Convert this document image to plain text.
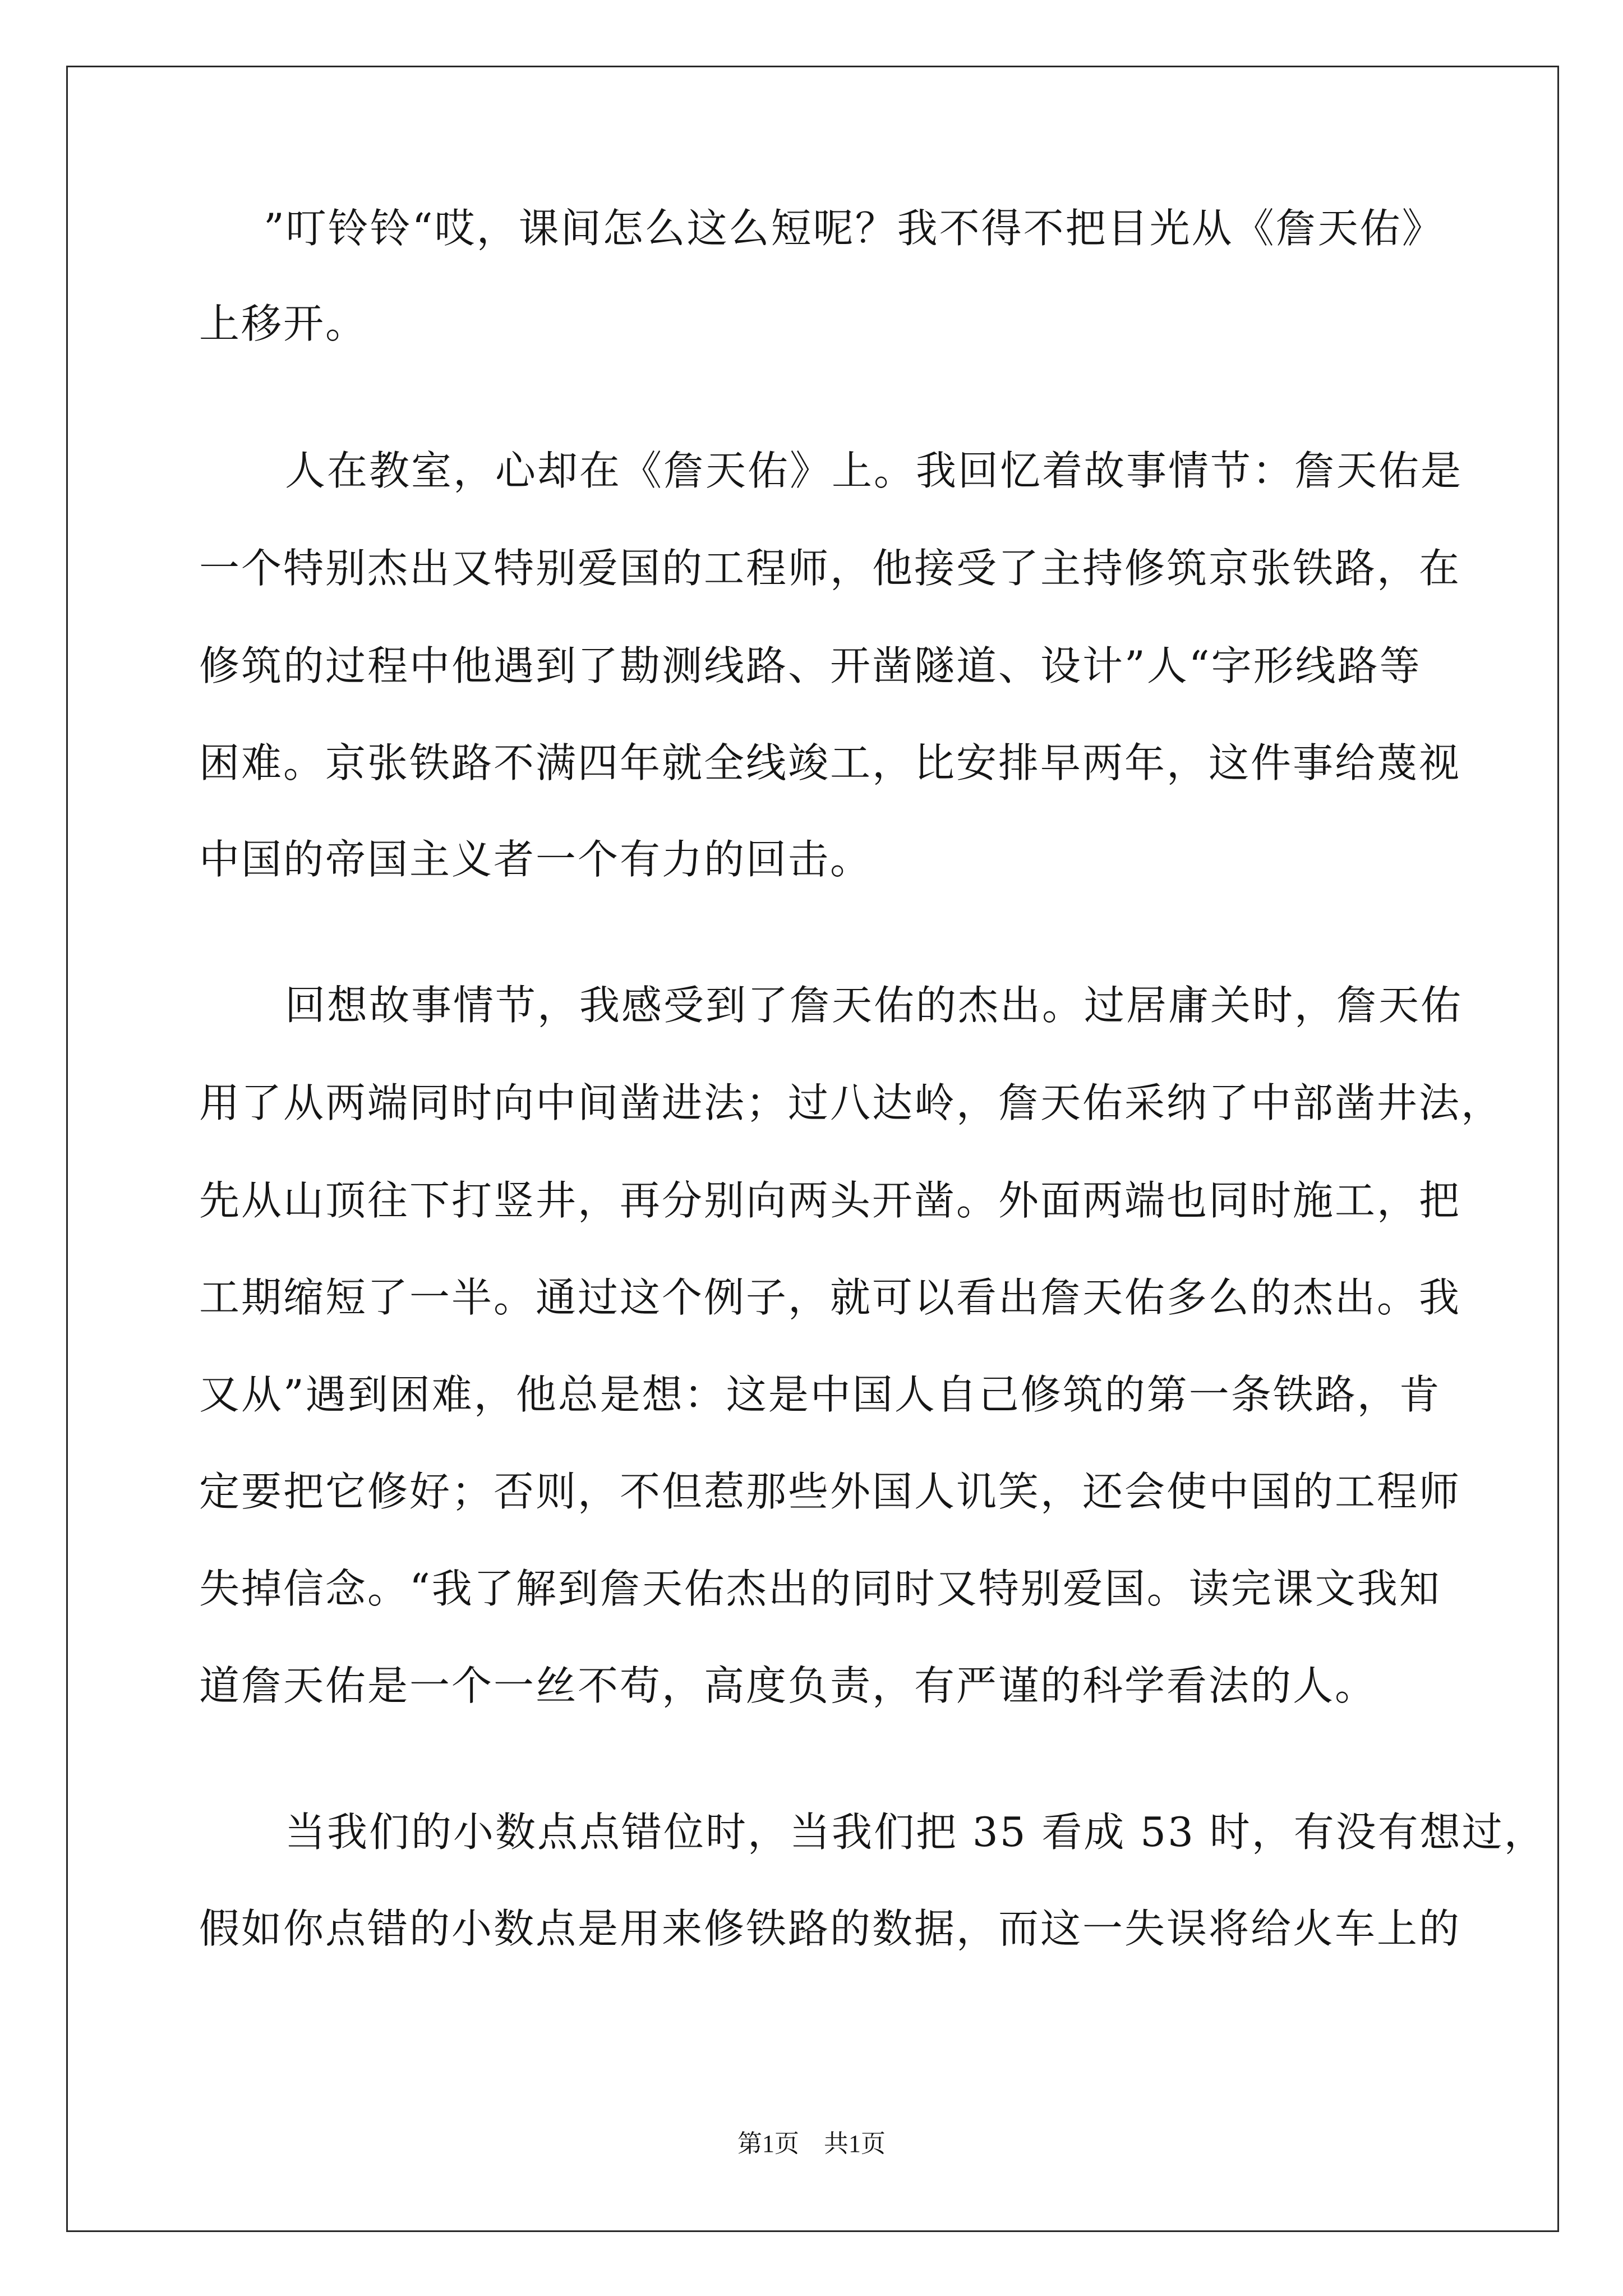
”叮铃铃“哎，课间怎么这么短呢？我不得不把目光从《詹天佑》
上移开。
人在教室，心却在《詹天佑》上。我回忆着故事情节：詹天佑是
一个特别杰出又特别爱国的工程师，他接受了主持修筑京张铁路，在
修筑的过程中他遇到了勘测线路、开凿隧道、设计”人“字形线路等
困难。京张铁路不满四年就全线竣工，比安排早两年，这件事给蔑视
中国的帝国主义者一个有力的回击。
回想故事情节，我感受到了詹天佑的杰出。过居庸关时，詹天佑
用了从两端同时向中间凿进法；过八达岭，詹天佑采纳了中部凿井法，
先从山顶往下打竖井，再分别向两头开凿。外面两端也同时施工，把
工期缩短了一半。通过这个例子，就可以看出詹天佑多么的杰出。我
又从”遇到困难，他总是想：这是中国人自己修筑的第一条铁路，肯
定要把它修好；否则，不但惹那些外国人讥笑，还会使中国的工程师
失掉信念。“我了解到詹天佑杰出的同时又特别爱国。读完课文我知
道詹天佑是一个一丝不苟，高度负责，有严谨的科学看法的人。
当我们的小数点点错位时，当我们把 35 看成 53 时，有没有想过，
假如你点错的小数点是用来修铁路的数据，而这一失误将给火车上的
第1页　共1页
